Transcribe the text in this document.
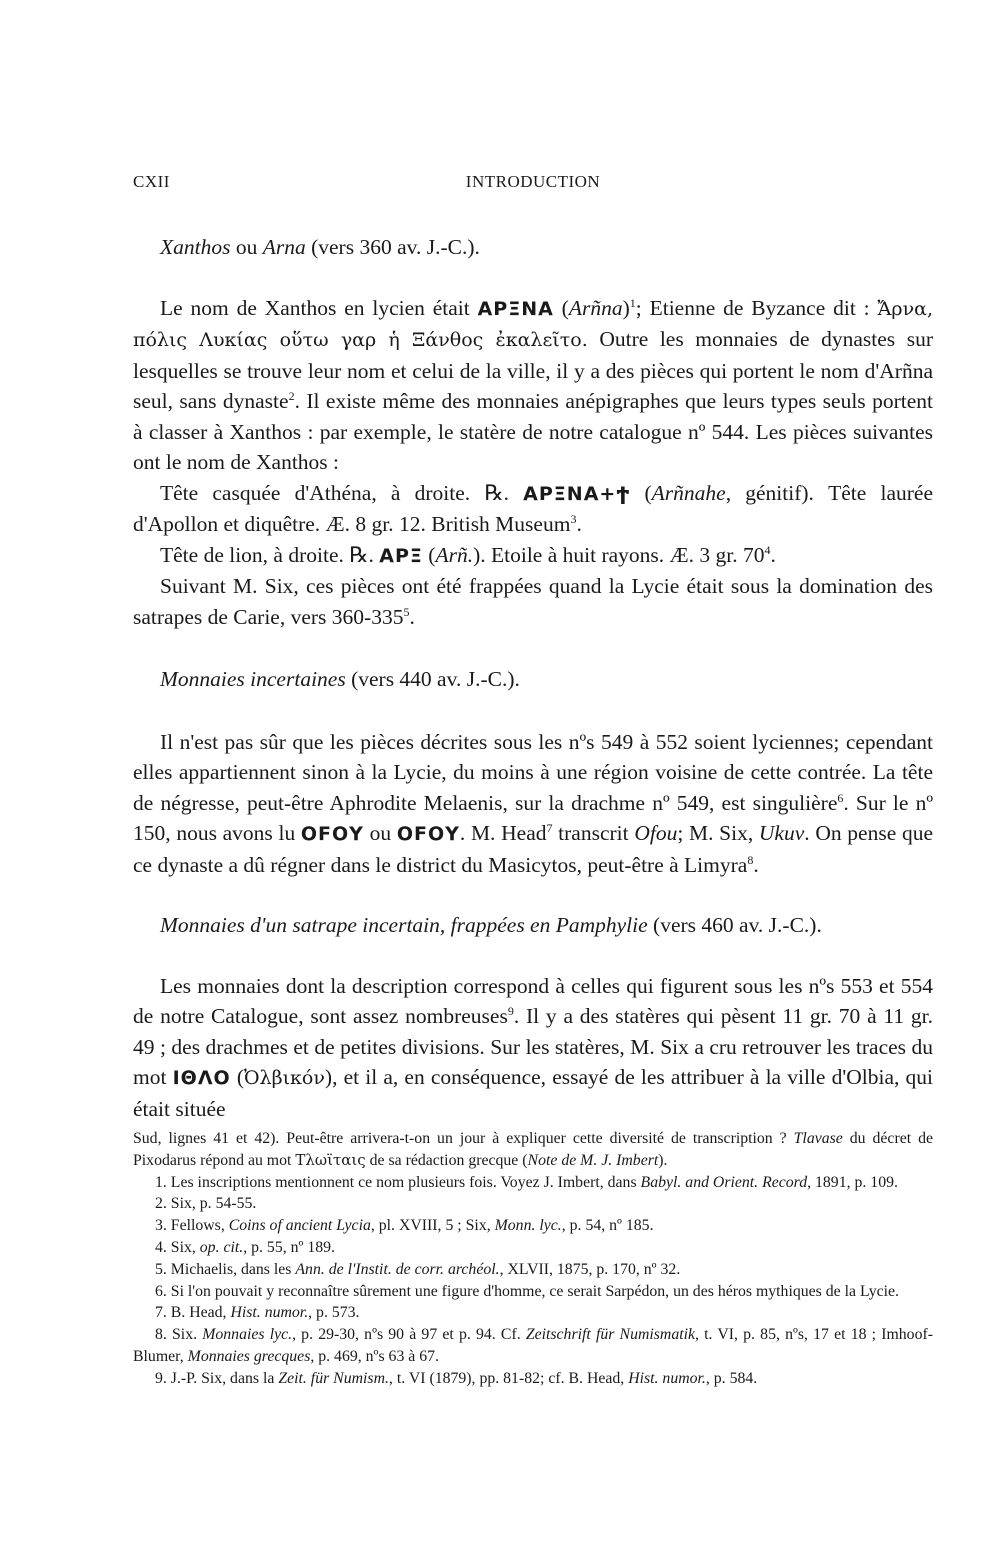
CXII	INTRODUCTION

Xanthos ou Arna (vers 360 av. J.-C.).

Le nom de Xanthos en lycien était ΑΡΞΝΑ (Arñna)$^1$; Etienne de Byzance dit : Ἄρνα, πόλις Λυκίας οὕτω γαρ ἡ Ξάνθος ἐκαλεῖτο. Outre les monnaies de dynastes sur lesquelles se trouve leur nom et celui de la ville, il y a des pièces qui portent le nom d'Arñna seul, sans dynaste$^2$. Il existe même des monnaies anépigraphes que leurs types seuls portent à classer à Xanthos : par exemple, le statère de notre catalogue nº 544. Les pièces suivantes ont le nom de Xanthos :

Tête casquée d'Athéna, à droite. ℞. ΑΡΞΝΑ+Ϯ (Arñnahe, génitif). Tête laurée d'Apollon et diquêtre. Æ. 8 gr. 12. British Museum$^3$.

Tête de lion, à droite. ℞. ΑΡΞ (Arñ.). Etoile à huit rayons. Æ. 3 gr. $70^4$.

Suivant M. Six, ces pièces ont été frappées quand la Lycie était sous la domination des satrapes de Carie, vers $360-335^5$.

Monnaies incertaines (vers 440 av. J.-C.).

Il n'est pas sûr que les pièces décrites sous les nºs 549 à 552 soient lyciennes; cependant elles appartiennent sinon à la Lycie, du moins à une région voisine de cette contrée. La tête de négresse, peut-être Aphrodite Melaenis, sur la drachme nº 549, est singulière$^6$. Sur le nº 150, nous avons lu ΟϜΟΥ ou ΟFΟΥ. M. Head$^7$ transcrit Ofou; M. Six, Ukuv. On pense que ce dynaste a dû régner dans le district du Masicytos, peut-être à Limyra$^8$.

Monnaies d'un satrape incertain, frappées en Pamphylie (vers 460 av. J.-C.).

Les monnaies dont la description correspond à celles qui figurent sous les nºs 553 et 554 de notre Catalogue, sont assez nombreuses$^9$. Il y a des statères qui pèsent 11 gr. 70 à 11 gr. 49 ; des drachmes et de petites divisions. Sur les statères, M. Six a cru retrouver les traces du mot ΙΘΛΟ (Ὀλβικόν), et il a, en conséquence, essayé de les attribuer à la ville d'Olbia, qui était située

Sud, lignes 41 et 42). Peut-être arrivera-t-on un jour à expliquer cette diversité de transcription ? Tlavase du décret de Pixodarus répond au mot Τλωϊταις de sa rédaction grecque (Note de M. J. Imbert).

1. Les inscriptions mentionnent ce nom plusieurs fois. Voyez J. Imbert, dans Babyl. and Orient. Record, 1891, p. 109.

2. Six, p. 54-55.

3. Fellows, Coins of ancient Lycia, pl. XVIII, 5 ; Six, Monn. lyc., p. 54, nº 185.

4. Six, op. cit., p. 55, nº 189.

5. Michaelis, dans les Ann. de l'Instit. de corr. archéol., XLVII, 1875, p. 170, nº 32.

6. Si l'on pouvait y reconnaître sûrement une figure d'homme, ce serait Sarpédon, un des héros mythiques de la Lycie.

7. B. Head, Hist. numor., p. 573.

8. Six. Monnaies lyc., p. 29-30, nºs 90 à 97 et p. 94. Cf. Zeitschrift für Numismatik, t. VI, p. 85, nºs, 17 et 18 ; Imhoof-Blumer, Monnaies grecques, p. 469, nºs 63 à 67.

9. J.-P. Six, dans la Zeit. für Numism., t. VI (1879), pp. 81-82; cf. B. Head, Hist. numor., p. 584.
